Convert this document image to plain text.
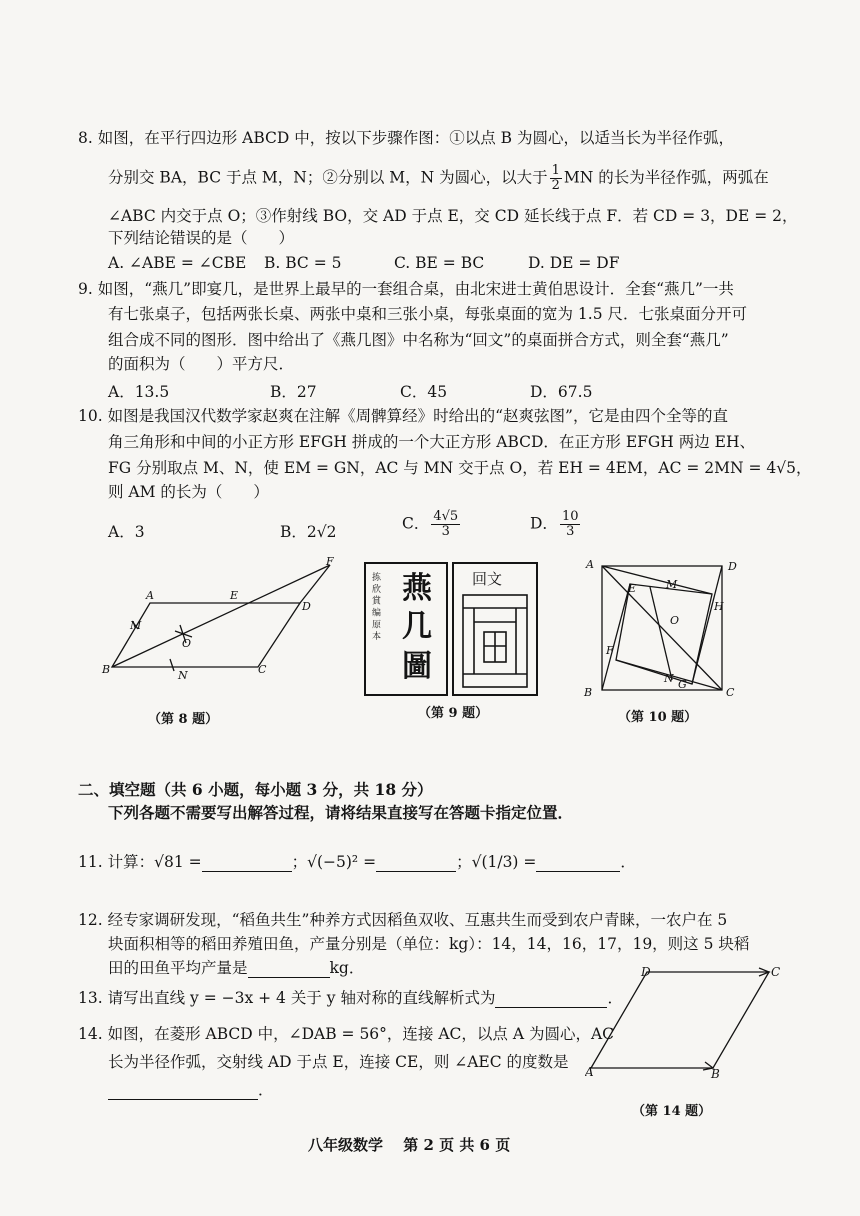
8. 如图，在平行四边形 ABCD 中，按以下步骤作图：①以点 B 为圆心，以适当长为半径作弧，
分别交 BA，BC 于点 M，N；②分别以 M，N 为圆心，以大于 $\frac{1}{2}$ MN 的长为半径作弧，两弧在
∠ABC 内交于点 O；③作射线 BO，交 AD 于点 E，交 CD 延长线于点 F．若 CD = 3，DE = 2，
下列结论错误的是（　　）
A. ∠ABE = ∠CBE B. BC = 5	C. BE = BC	D. DE = DF
9. 如图，“燕几”即宴几，是世界上最早的一套组合桌，由北宋进士黄伯思设计．全套“燕几”一共
有七张桌子，包括两张长桌、两张中桌和三张小桌，每张桌面的宽为 1.5 尺．七张桌面分开可
组合成不同的图形．图中给出了《燕几图》中名称为“回文”的桌面拼合方式，则全套“燕几”
的面积为（　　）平方尺．
A．13.5	B．27	C．45	D．67.5
10. 如图是我国汉代数学家赵爽在注解《周髀算经》时给出的“赵爽弦图”，它是由四个全等的直
角三角形和中间的小正方形 EFGH 拼成的一个大正方形 ABCD．在正方形 EFGH 两边 EH、
FG 分别取点 M、N，使 EM = GN，AC 与 MN 交于点 O，若 EH = 4EM，AC = 2MN = 4√5，
则 AM 的长为（　　）
A．3	B．2√2	C． $\frac{4√5}{3}$	D． $\frac{10}{3}$
A	E
D
F
M
O
B	N	C
（第 8 题）
拣 欣 賞 编 原 本 燕
几
圖
回文
（第 9 题）
A	D
E	M
H
O
F
N G
B	C
（第 10 题）
二、填空题（共 6 小题，每小题 3 分，共 18 分）
下列各题不需要写出解答过程，请将结果直接写在答题卡指定位置．
11. 计算：√81 =	；√(−5)² =	；√(1/3) =	．
12. 经专家调研发现，“稻鱼共生”种养方式因稻鱼双收、互惠共生而受到农户青睐，一农户在 5
块面积相等的稻田养殖田鱼，产量分别是（单位：kg）：14，14，16，17，19，则这 5 块稻
田的田鱼平均产量是	kg．
13. 请写出直线 y = −3x + 4 关于 y 轴对称的直线解析式为	．
14. 如图，在菱形 ABCD 中，∠DAB = 56°，连接 AC，以点 A 为圆心，AC
长为半径作弧，交射线 AD 于点 E，连接 CE，则 ∠AEC 的度数是
．
D	C
A	B
（第 14 题）
八年级数学　 第 2 页 共 6 页
